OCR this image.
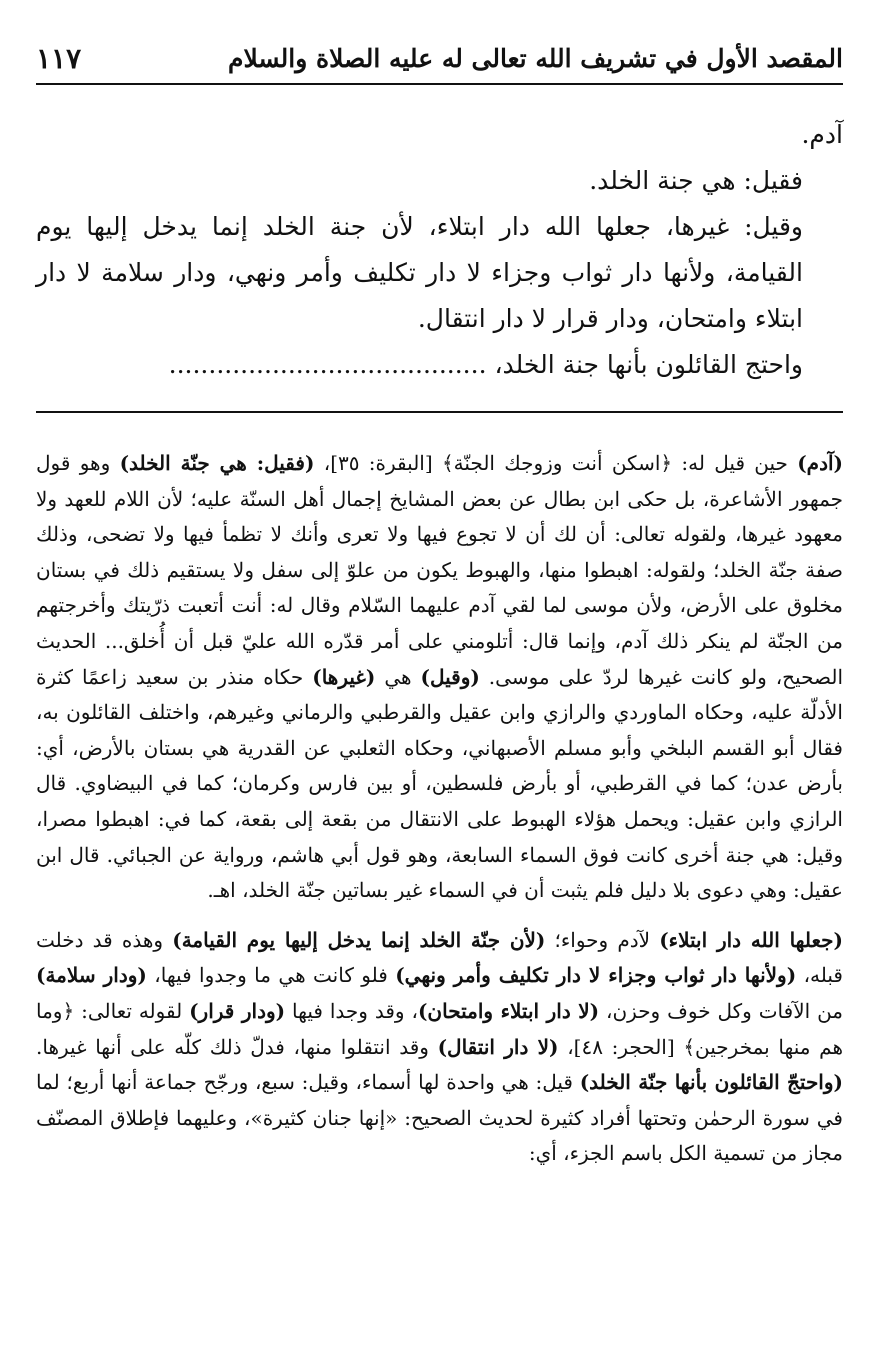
المقصد الأول في تشريف الله تعالى له عليه الصلاة والسلام
١١٧

آدم.

فقيل: هي جنة الخلد.

وقيل: غيرها، جعلها الله دار ابتلاء، لأن جنة الخلد إنما يدخل إليها يوم القيامة، ولأنها دار ثواب وجزاء لا دار تكليف وأمر ونهي، ودار سلامة لا دار ابتلاء وامتحان، ودار قرار لا دار انتقال.

واحتج القائلون بأنها جنة الخلد، ........................................

(آدم) حين قيل له: ﴿اسكن أنت وزوجك الجنّة﴾ [البقرة: ٣٥]، (فقيل: هي جنّة الخلد) وهو قول جمهور الأشاعرة، بل حكى ابن بطال عن بعض المشايخ إجمال أهل السنّة عليه؛ لأن اللام للعهد ولا معهود غيرها، ولقوله تعالى: أن لك أن لا تجوع فيها ولا تعرى وأنك لا تظمأ فيها ولا تضحى، وذلك صفة جنّة الخلد؛ ولقوله: اهبطوا منها، والهبوط يكون من علوّ إلى سفل ولا يستقيم ذلك في بستان مخلوق على الأرض، ولأن موسى لما لقي آدم عليهما السّلام وقال له: أنت أتعبت ذرّيتك وأخرجتهم من الجنّة لم ينكر ذلك آدم، وإنما قال: أتلومني على أمر قدّره الله عليّ قبل أن أُخلق... الحديث الصحيح، ولو كانت غيرها لردّ على موسى. (وقيل) هي (غيرها) حكاه منذر بن سعيد زاعمًا كثرة الأدلّة عليه، وحكاه الماوردي والرازي وابن عقيل والقرطبي والرماني وغيرهم، واختلف القائلون به، فقال أبو القسم البلخي وأبو مسلم الأصبهاني، وحكاه الثعلبي عن القدرية هي بستان بالأرض، أي: بأرض عدن؛ كما في القرطبي، أو بأرض فلسطين، أو بين فارس وكرمان؛ كما في البيضاوي. قال الرازي وابن عقيل: ويحمل هؤلاء الهبوط على الانتقال من بقعة إلى بقعة، كما في: اهبطوا مصرا، وقيل: هي جنة أخرى كانت فوق السماء السابعة، وهو قول أبي هاشم، ورواية عن الجبائي. قال ابن عقيل: وهي دعوى بلا دليل فلم يثبت أن في السماء غير بساتين جنّة الخلد، اهـ.

(جعلها الله دار ابتلاء) لآدم وحواء؛ (لأن جنّة الخلد إنما يدخل إليها يوم القيامة) وهذه قد دخلت قبله، (ولأنها دار ثواب وجزاء لا دار تكليف وأمر ونهي) فلو كانت هي ما وجدوا فيها، (ودار سلامة) من الآفات وكل خوف وحزن، (لا دار ابتلاء وامتحان)، وقد وجدا فيها (ودار قرار) لقوله تعالى: ﴿وما هم منها بمخرجين﴾ [الحجر: ٤٨]، (لا دار انتقال) وقد انتقلوا منها، فدلّ ذلك كلّه على أنها غيرها. (واحتجّ القائلون بأنها جنّة الخلد) قيل: هي واحدة لها أسماء، وقيل: سبع، ورجّح جماعة أنها أربع؛ لما في سورة الرحمٰن وتحتها أفراد كثيرة لحديث الصحيح: «إنها جنان كثيرة»، وعليهما فإطلاق المصنّف مجاز من تسمية الكل باسم الجزء، أي:
